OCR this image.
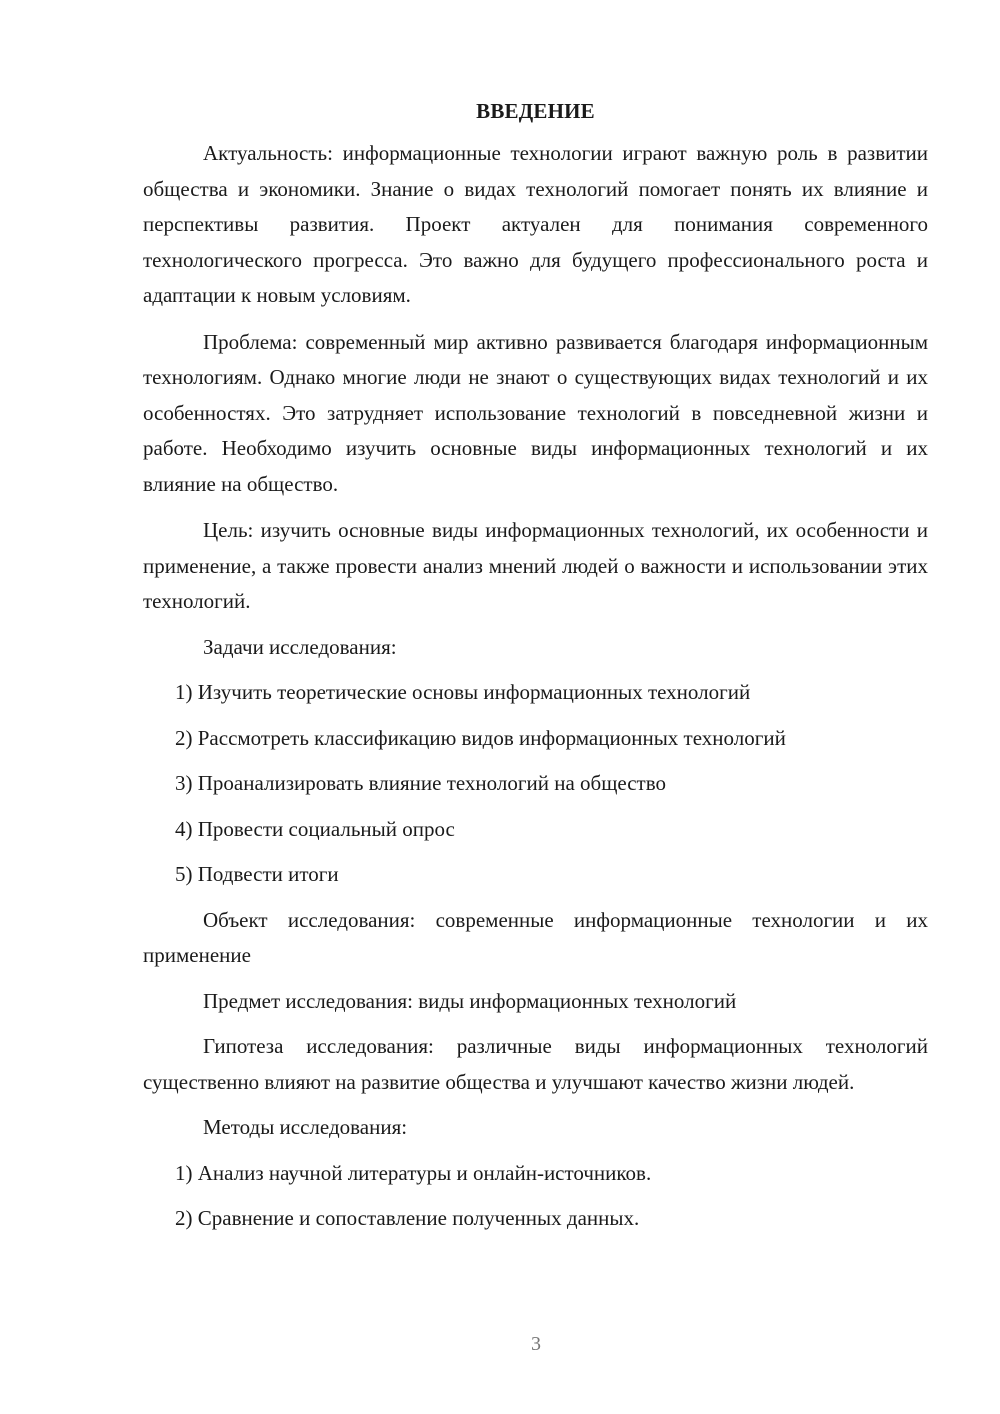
ВВЕДЕНИЕ

Актуальность: информационные технологии играют важную роль в развитии общества и экономики. Знание о видах технологий помогает понять их влияние и перспективы развития. Проект актуален для понимания современного технологического прогресса. Это важно для будущего профессионального роста и адаптации к новым условиям.

Проблема: современный мир активно развивается благодаря информационным технологиям. Однако многие люди не знают о существующих видах технологий и их особенностях. Это затрудняет использование технологий в повседневной жизни и работе. Необходимо изучить основные виды информационных технологий и их влияние на общество.

Цель: изучить основные виды информационных технологий, их особенности и применение, а также провести анализ мнений людей о важности и использовании этих технологий.

Задачи исследования:

1) Изучить теоретические основы информационных технологий

2) Рассмотреть классификацию видов информационных технологий

3) Проанализировать влияние технологий на общество

4) Провести социальный опрос

5) Подвести итоги

Объект исследования: современные информационные технологии и их применение

Предмет исследования: виды информационных технологий

Гипотеза исследования: различные виды информационных технологий существенно влияют на развитие общества и улучшают качество жизни людей.

Методы исследования:

1) Анализ научной литературы и онлайн-источников.

2) Сравнение и сопоставление полученных данных.

3
